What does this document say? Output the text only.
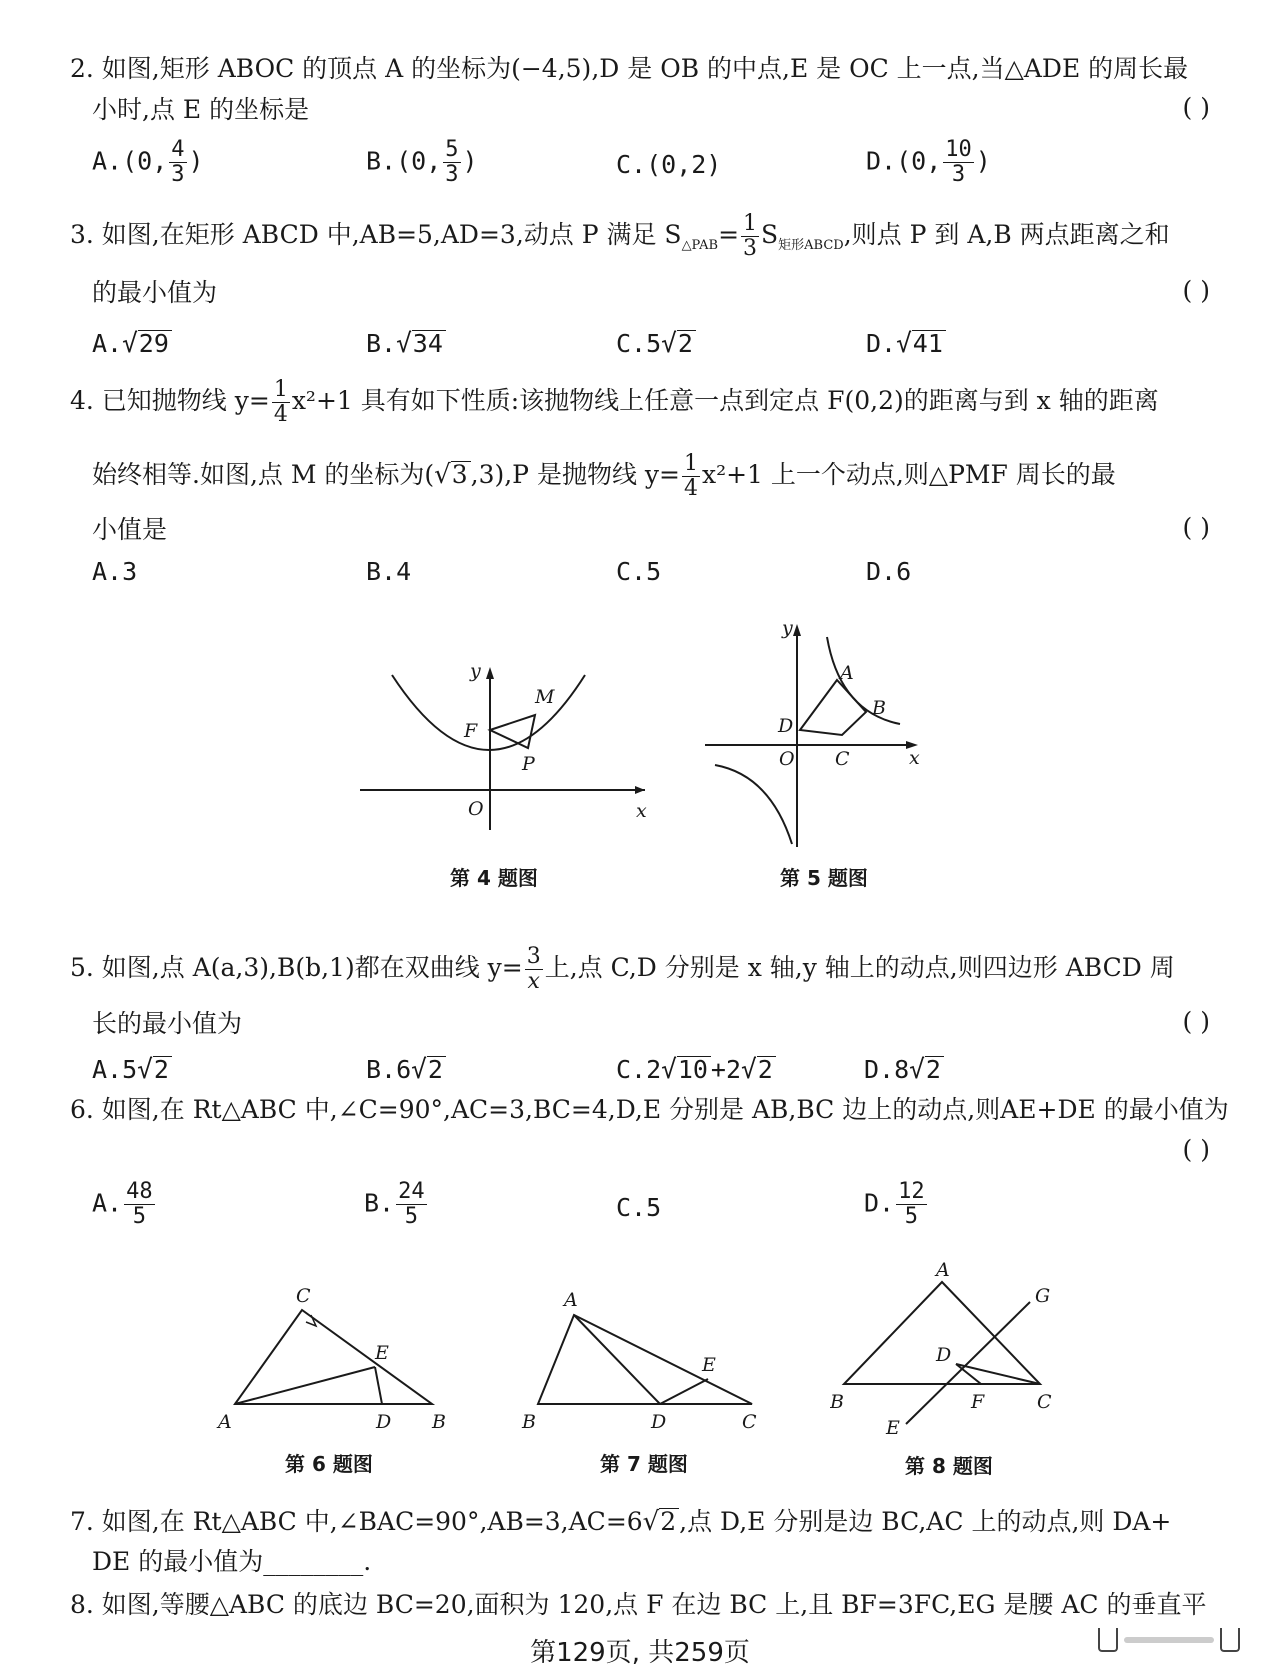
2. 如图,矩形 ABOC 的顶点 A 的坐标为(−4,5),D 是 OB 的中点,E 是 OC 上一点,当△ADE 的周长最
小时,点 E 的坐标是	( )
A.(0, $\frac{4}{3}$ )	B.(0, $\frac{5}{3}$ )	C.(0,2)	D.(0, $\frac{10}{3}$ )
3. 如图,在矩形 ABCD 中,AB=5,AD=3,动点 P 满足 $S_{\triangle PAB}= \frac{1}{3} S_{矩形ABCD}$,则点 P 到 A,B 两点距离之和
的最小值为	( )
A.√29	B.√34	C.5√2	D.√41
4. 已知抛物线 $y= \frac{1}{4} x^2+1$ 具有如下性质:该抛物线上任意一点到定点 F(0,2)的距离与到 x 轴的距离
始终相等.如图,点 M 的坐标为(√3 ,3),P 是抛物线 $y= \frac{1}{4} x^2+1$ 上一个动点,则△PMF 周长的最
小值是	( )
A.3	B.4	C.5	D.6
y
x
O
F
M
P
第 4 题图
y
x
O
A
B
C
D
第 5 题图
5. 如图,点 A(a,3),B(b,1)都在双曲线 $y= \frac{3}{x}$ 上,点 C,D 分别是 x 轴,y 轴上的动点,则四边形 ABCD 周
长的最小值为	( )
A.5√2	B.6√2	C.2√10 +2√2	D.8√2
6. 如图,在 Rt△ABC 中,∠C=90°,AC=3,BC=4,D,E 分别是 AB,BC 边上的动点,则AE+DE 的最小值为
( )
A. $\frac{48}{5}$	B. $\frac{24}{5}$	C.5	D. $\frac{12}{5}$
A	B
C
D
E
第 6 题图
A
B	C
D
E
第 7 题图
A
B	C
D
E
F
G
第 8 题图
7. 如图,在 Rt△ABC 中,∠BAC=90°,AB=3,AC=6√2 ,点 D,E 分别是边 BC,AC 上的动点,则 DA+
DE 的最小值为________.
8. 如图,等腰△ABC 的底边 BC=20,面积为 120,点 F 在边 BC 上,且 BF=3FC,EG 是腰 AC 的垂直平
第129页, 共259页
